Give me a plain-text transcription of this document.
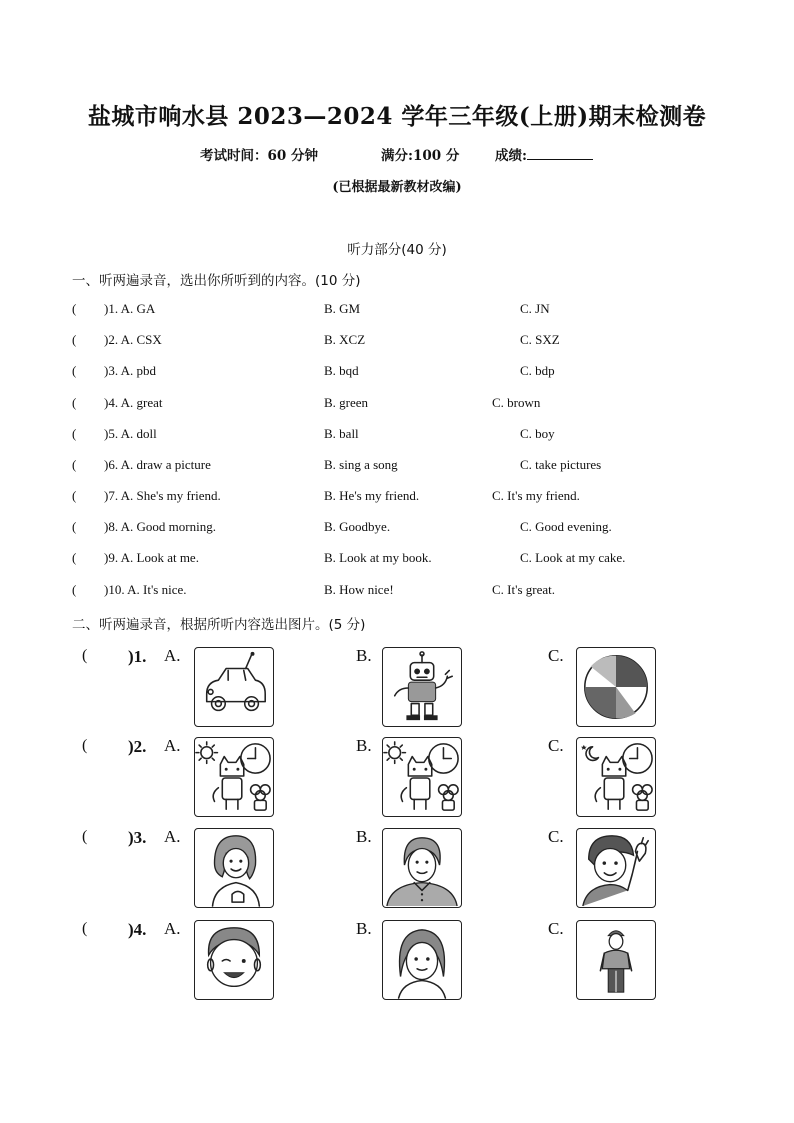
盐城市响水县 2023—2024 学年三年级(上册)期末检测卷
考试时间：60 分钟	满分:100 分	成绩:
(已根据最新教材改编)
听力部分(40 分)
一、听两遍录音，选出你所听到的内容。(10 分)
( )1. A. GA	B. GM	C. JN
( )2. A. CSX	B. XCZ	C. SXZ
( )3. A. pbd	B. bqd	C. bdp
( )4. A. great	B. green	C. brown
( )5. A. doll	B. ball	C. boy
( )6. A. draw a picture	B. sing a song	C. take pictures
( )7. A. She's my friend.	B. He's my friend.	C. It's my friend.
( )8. A. Good morning.	B. Goodbye.	C. Good evening.
( )9. A. Look at me.	B. Look at my book.	C. Look at my cake.
( )10. A. It's nice.	B. How nice!	C. It's great.
二、听两遍录音，根据所听内容选出图片。(5 分)
( )1. A.	B.	C.
( )2. A.	B.	C.
( )3. A.	B.	C.
( )4. A.	B.	C.
